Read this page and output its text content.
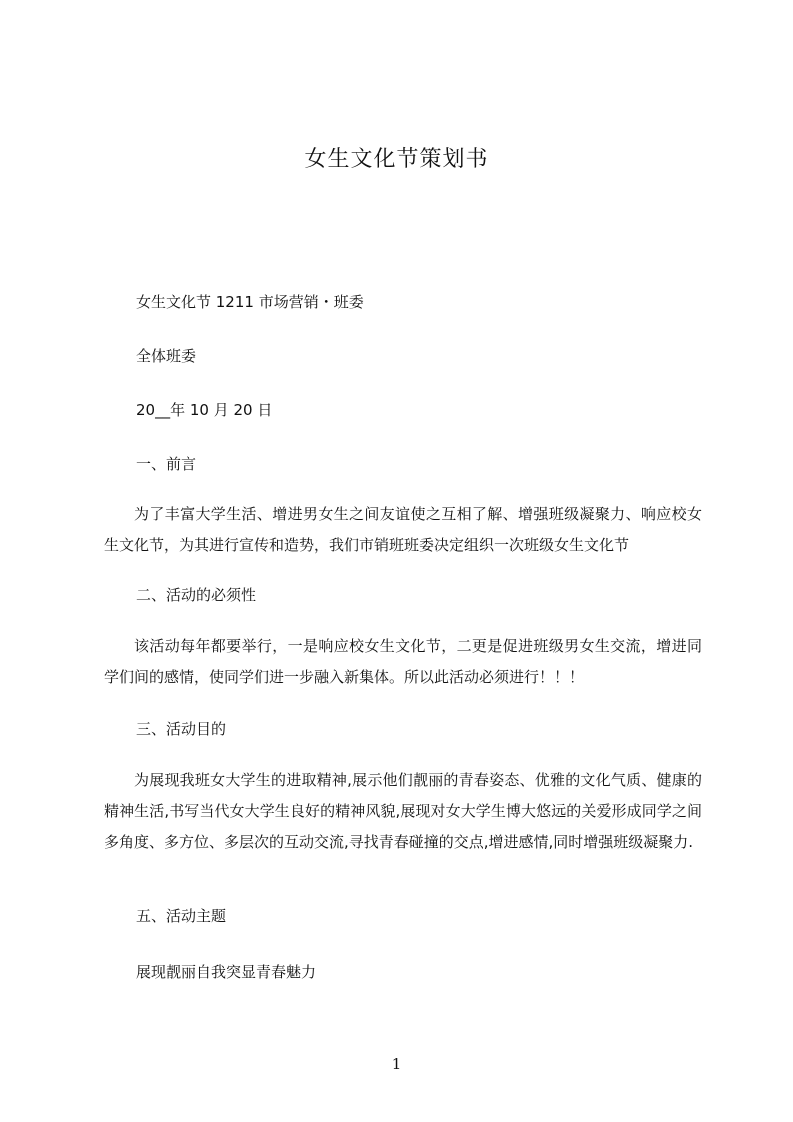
女生文化节策划书
女生文化节 1211 市场营销・班委
全体班委
20__年 10 月 20 日
一、前言
为了丰富大学生活、增进男女生之间友谊使之互相了解、增强班级凝聚力、响应校女生文化节，为其进行宣传和造势，我们市销班班委决定组织一次班级女生文化节
二、活动的必须性
该活动每年都要举行，一是响应校女生文化节，二更是促进班级男女生交流，增进同学们间的感情，使同学们进一步融入新集体。所以此活动必须进行！！！
三、活动目的
为展现我班女大学生的进取精神,展示他们靓丽的青春姿态、优雅的文化气质、健康的精神生活,书写当代女大学生良好的精神风貌,展现对女大学生博大悠远的关爱形成同学之间多角度、多方位、多层次的互动交流,寻找青春碰撞的交点,增进感情,同时增强班级凝聚力.
五、活动主题
展现靓丽自我突显青春魅力
1
